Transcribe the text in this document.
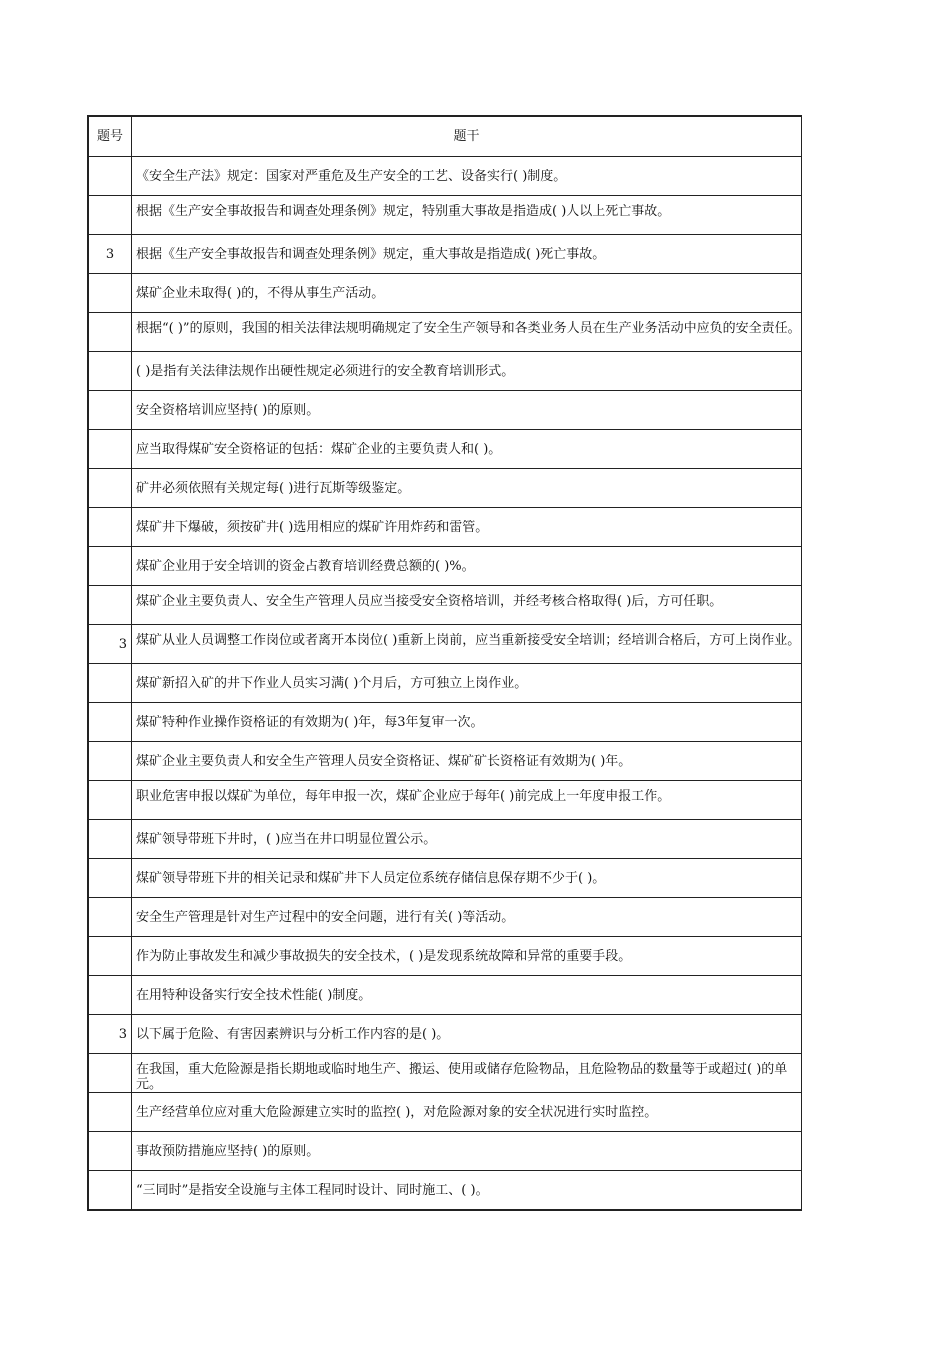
题号	题干

	《安全生产法》规定：国家对严重危及生产安全的工艺、设备实行( )制度。

	根据《生产安全事故报告和调查处理条例》规定，特别重大事故是指造成( )人以上死亡事故。

3	根据《生产安全事故报告和调查处理条例》规定，重大事故是指造成( )死亡事故。

	煤矿企业未取得( )的，不得从事生产活动。

	根据“( )”的原则，我国的相关法律法规明确规定了安全生产领导和各类业务人员在生产业务活动中应负的安全责任。

	( )是指有关法律法规作出硬性规定必须进行的安全教育培训形式。

	安全资格培训应坚持( )的原则。

	应当取得煤矿安全资格证的包括：煤矿企业的主要负责人和( )。

	矿井必须依照有关规定每( )进行瓦斯等级鉴定。

	煤矿井下爆破，须按矿井( )选用相应的煤矿许用炸药和雷管。

	煤矿企业用于安全培训的资金占教育培训经费总额的( )%。

	煤矿企业主要负责人、安全生产管理人员应当接受安全资格培训，并经考核合格取得( )后，方可任职。

3	煤矿从业人员调整工作岗位或者离开本岗位( )重新上岗前，应当重新接受安全培训；经培训合格后，方可上岗作业。

	煤矿新招入矿的井下作业人员实习满( )个月后，方可独立上岗作业。

	煤矿特种作业操作资格证的有效期为( )年，每3年复审一次。

	煤矿企业主要负责人和安全生产管理人员安全资格证、煤矿矿长资格证有效期为( )年。

	职业危害申报以煤矿为单位，每年申报一次，煤矿企业应于每年( )前完成上一年度申报工作。

	煤矿领导带班下井时，( )应当在井口明显位置公示。

	煤矿领导带班下井的相关记录和煤矿井下人员定位系统存储信息保存期不少于( )。

	安全生产管理是针对生产过程中的安全问题，进行有关( )等活动。

	作为防止事故发生和减少事故损失的安全技术，( )是发现系统故障和异常的重要手段。

	在用特种设备实行安全技术性能( )制度。

3	以下属于危险、有害因素辨识与分析工作内容的是( )。

	在我国，重大危险源是指长期地或临时地生产、搬运、使用或储存危险物品，且危险物品的数量等于或超过( )的单元。

	生产经营单位应对重大危险源建立实时的监控( )，对危险源对象的安全状况进行实时监控。

	事故预防措施应坚持( )的原则。

	“三同时”是指安全设施与主体工程同时设计、同时施工、( )。
